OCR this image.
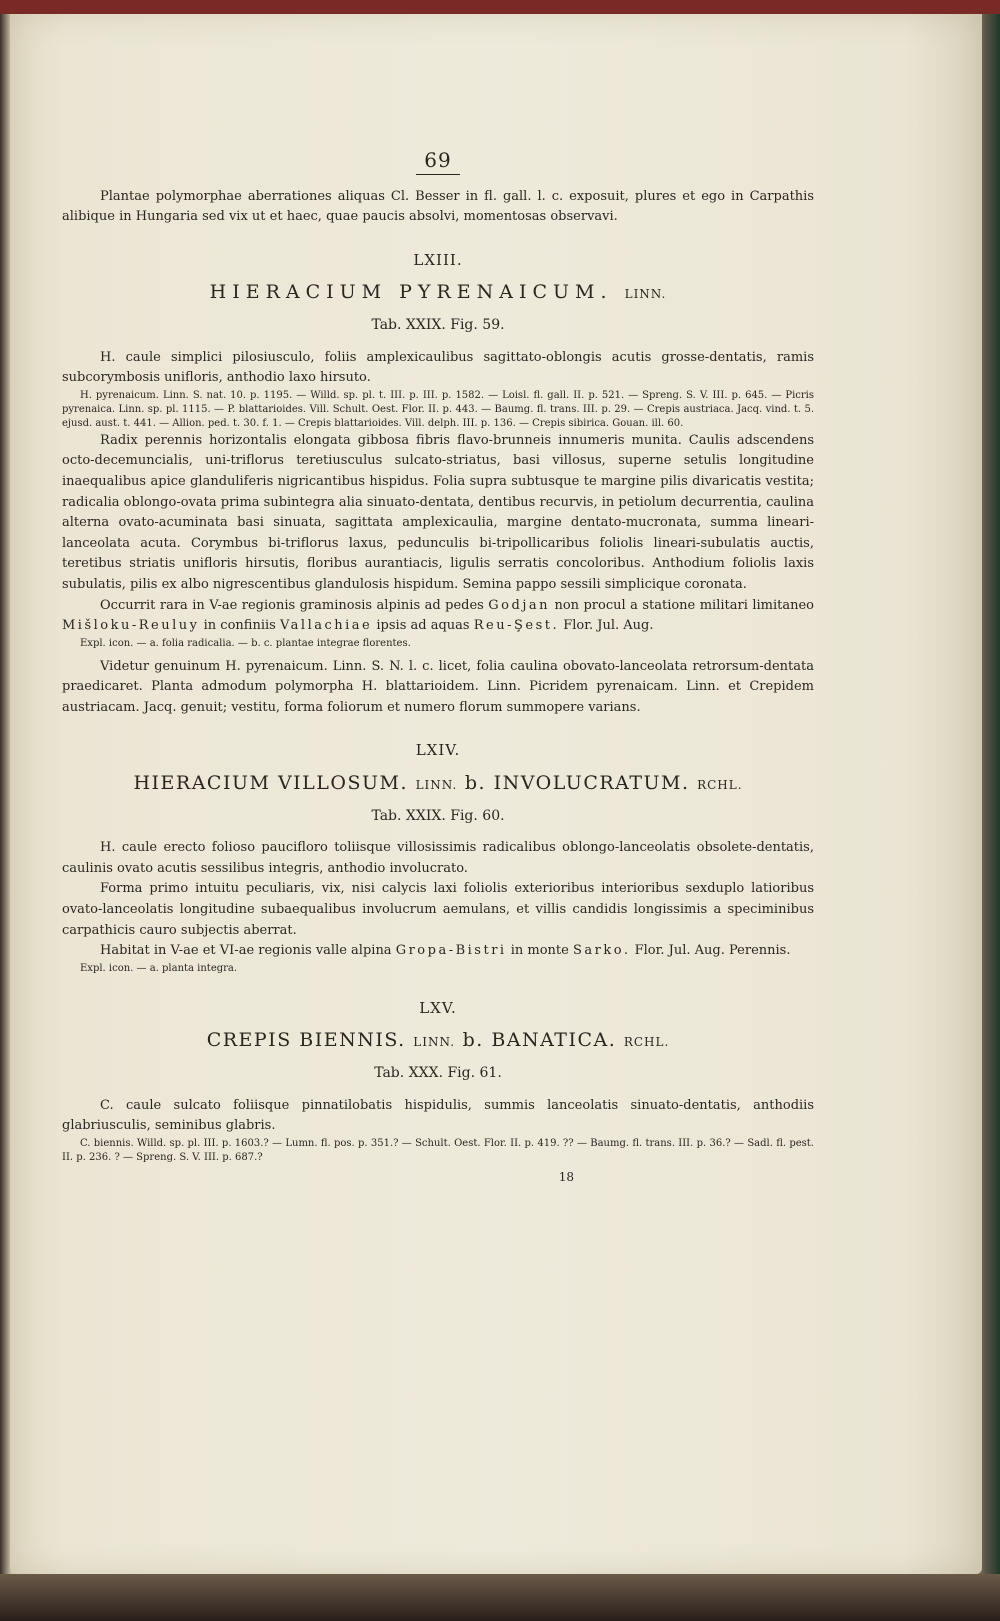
69

Plantae polymorphae aberrationes aliquas Cl. Besser in fl. gall. l. c. exposuit, plures et ego in Carpathis alibique in Hungaria sed vix ut et haec, quae paucis absolvi, momentosas observavi.

LXIII.
HIERACIUM PYRENAICUM. LINN.
Tab. XXIX. Fig. 59.

H. caule simplici pilosiusculo, foliis amplexicaulibus sagittato-oblongis acutis grosse-dentatis, ramis subcorymbosis unifloris, anthodio laxo hirsuto.

H. pyrenaicum. Linn. S. nat. 10. p. 1195. — Willd. sp. pl. t. III. p. III. p. 1582. — Loisl. fl. gall. II. p. 521. — Spreng. S. V. III. p. 645. — Picris pyrenaica. Linn. sp. pl. 1115. — P. blattarioides. Vill. Schult. Oest. Flor. II. p. 443. — Baumg. fl. trans. III. p. 29. — Crepis austriaca. Jacq. vind. t. 5. ejusd. aust. t. 441. — Allion. ped. t. 30. f. 1. — Crepis blattarioides. Vill. delph. III. p. 136. — Crepis sibirica. Gouan. ill. 60.

Radix perennis horizontalis elongata gibbosa fibris flavo-brunneis innumeris munita. Caulis adscendens octo-decemuncialis, uni-triflorus teretiusculus sulcato-striatus, basi villosus, superne setulis longitudine inaequalibus apice glanduliferis nigricantibus hispidus. Folia supra subtusque te margine pilis divaricatis vestita; radicalia oblongo-ovata prima subintegra alia sinuato-dentata, dentibus recurvis, in petiolum decurrentia, caulina alterna ovato-acuminata basi sinuata, sagittata amplexicaulia, margine dentato-mucronata, summa lineari-lanceolata acuta. Corymbus bi-triflorus laxus, pedunculis bi-tripollicaribus foliolis lineari-subulatis auctis, teretibus striatis unifloris hirsutis, floribus aurantiacis, ligulis serratis concoloribus. Anthodium foliolis laxis subulatis, pilis ex albo nigrescentibus glandulosis hispidum. Semina pappo sessili simplicique coronata.

Occurrit rara in V-ae regionis graminosis alpinis ad pedes Godjan non procul a statione militari limitaneo Mišloku-Reuluy in confiniis Vallachiae ipsis ad aquas Reu-Şest. Flor. Jul. Aug.

Expl. icon. — a. folia radicalia. — b. c. plantae integrae florentes.

Videtur genuinum H. pyrenaicum. Linn. S. N. l. c. licet, folia caulina obovato-lanceolata retrorsum-dentata praedicaret. Planta admodum polymorpha H. blattarioidem. Linn. Picridem pyrenaicam. Linn. et Crepidem austriacam. Jacq. genuit; vestitu, forma foliorum et numero florum summopere varians.

LXIV.
HIERACIUM VILLOSUM. LINN. b. INVOLUCRATUM. RCHL.
Tab. XXIX. Fig. 60.

H. caule erecto folioso paucifloro toliisque villosissimis radicalibus oblongo-lanceolatis obsolete-dentatis, caulinis ovato acutis sessilibus integris, anthodio involucrato.

Forma primo intuitu peculiaris, vix, nisi calycis laxi foliolis exterioribus interioribus sexduplo latioribus ovato-lanceolatis longitudine subaequalibus involucrum aemulans, et villis candidis longissimis a speciminibus carpathicis cauro subjectis aberrat.

Habitat in V-ae et VI-ae regionis valle alpina Gropa-Bistri in monte Sarko. Flor. Jul. Aug. Perennis.

Expl. icon. — a. planta integra.

LXV.
CREPIS BIENNIS. LINN. b. BANATICA. RCHL.
Tab. XXX. Fig. 61.

C. caule sulcato foliisque pinnatilobatis hispidulis, summis lanceolatis sinuato-dentatis, anthodiis glabriusculis, seminibus glabris.

C. biennis. Willd. sp. pl. III. p. 1603.? — Lumn. fl. pos. p. 351.? — Schult. Oest. Flor. II. p. 419. ?? — Baumg. fl. trans. III. p. 36.? — Sadl. fl. pest. II. p. 236. ? — Spreng. S. V. III. p. 687.?

18
